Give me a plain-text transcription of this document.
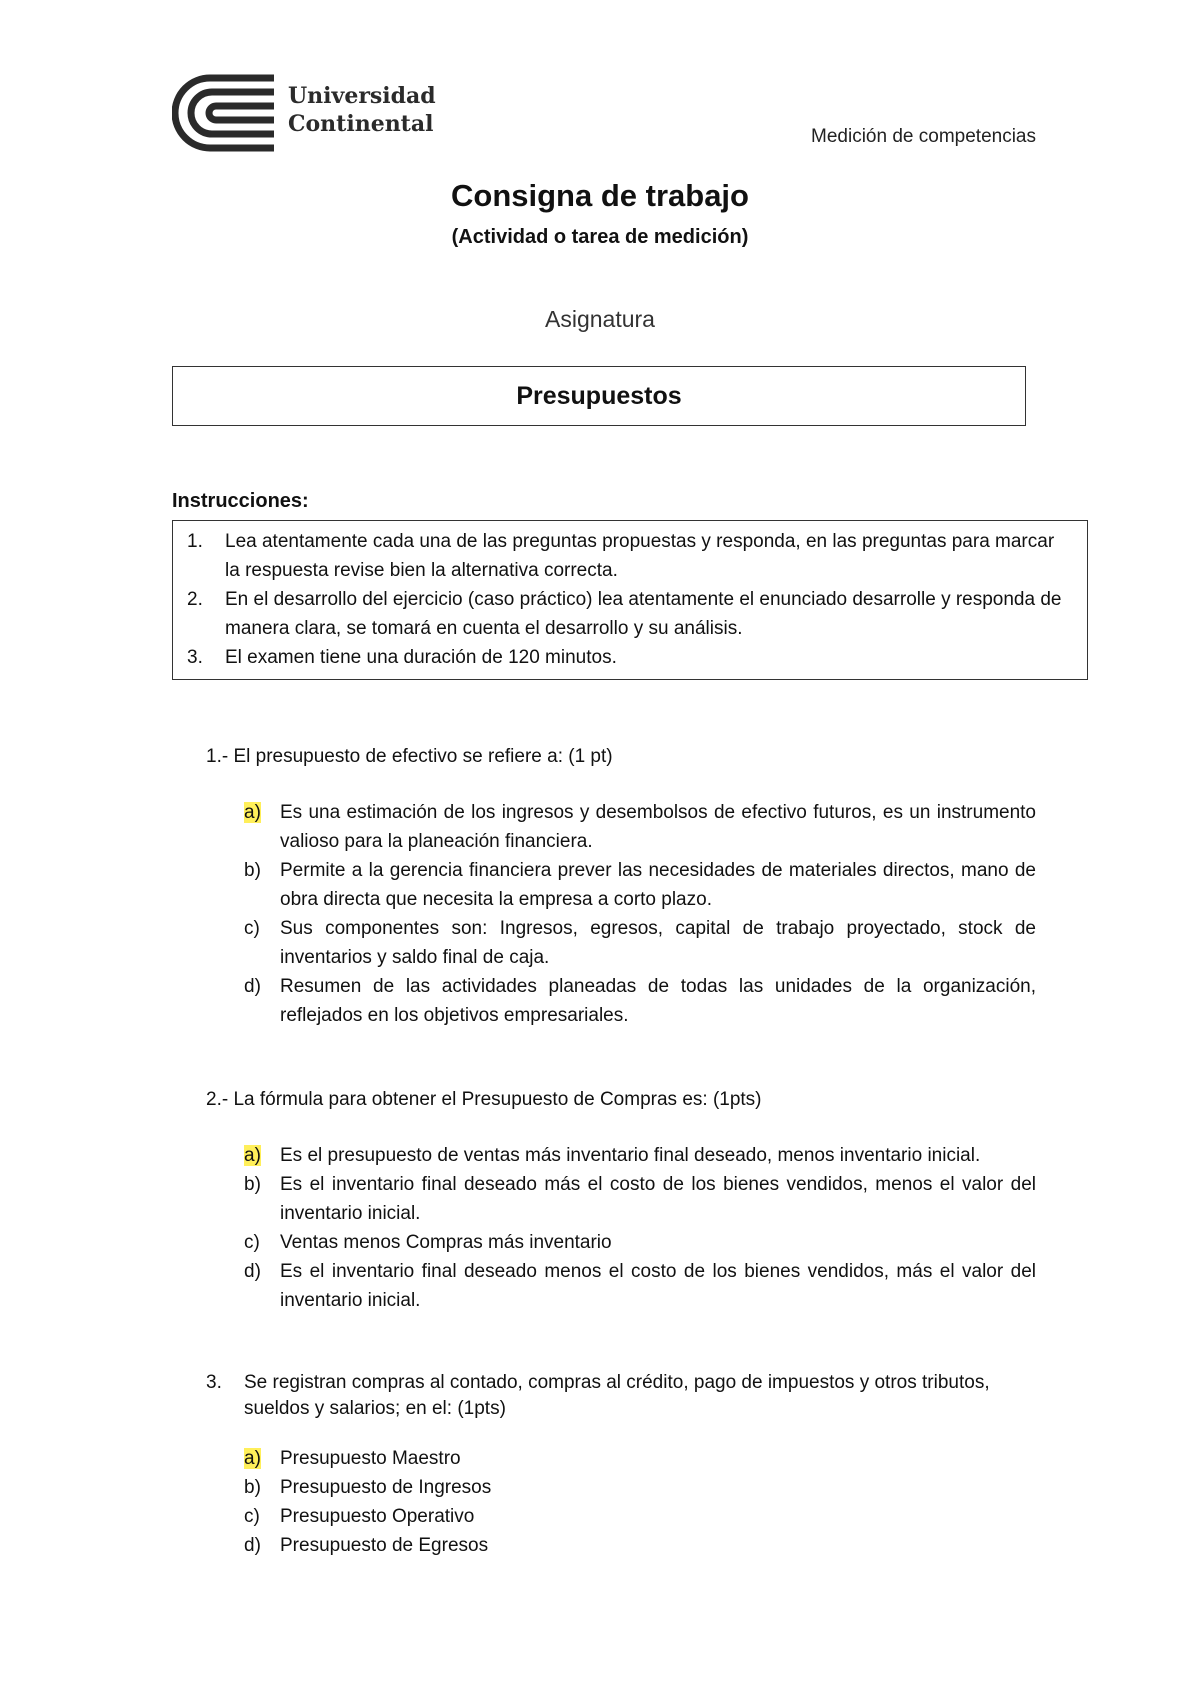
Universidad
Continental	Medición de competencias
Consigna de trabajo
(Actividad o tarea de medición)
Asignatura
Presupuestos
Instrucciones:
1.	Lea atentamente cada una de las preguntas propuestas y responda, en las preguntas para marcar la respuesta revise bien la alternativa correcta.
2.	En el desarrollo del ejercicio (caso práctico) lea atentamente el enunciado desarrolle y responda de manera clara, se tomará en cuenta el desarrollo y su análisis.
3.	El examen tiene una duración de 120 minutos.
1.- El presupuesto de efectivo se refiere a: (1 pt)
a)	Es una estimación de los ingresos y desembolsos de efectivo futuros, es un instrumento valioso para la planeación financiera.
b)	Permite a la gerencia financiera prever las necesidades de materiales directos, mano de obra directa que necesita la empresa a corto plazo.
c)	Sus componentes son: Ingresos, egresos, capital de trabajo proyectado, stock de inventarios y saldo final de caja.
d)	Resumen de las actividades planeadas de todas las unidades de la organización, reflejados en los objetivos empresariales.
2.- La fórmula para obtener el Presupuesto de Compras es: (1pts)
a)	Es el presupuesto de ventas más inventario final deseado, menos inventario inicial.
b)	Es el inventario final deseado más el costo de los bienes vendidos, menos el valor del inventario inicial.
c)	Ventas menos Compras más inventario
d)	Es el inventario final deseado menos el costo de los bienes vendidos, más el valor del inventario inicial.
3.	Se registran compras al contado, compras al crédito, pago de impuestos y otros tributos, sueldos y salarios; en el: (1pts)
a)	Presupuesto Maestro
b)	Presupuesto de Ingresos
c)	Presupuesto Operativo
d)	Presupuesto de Egresos
